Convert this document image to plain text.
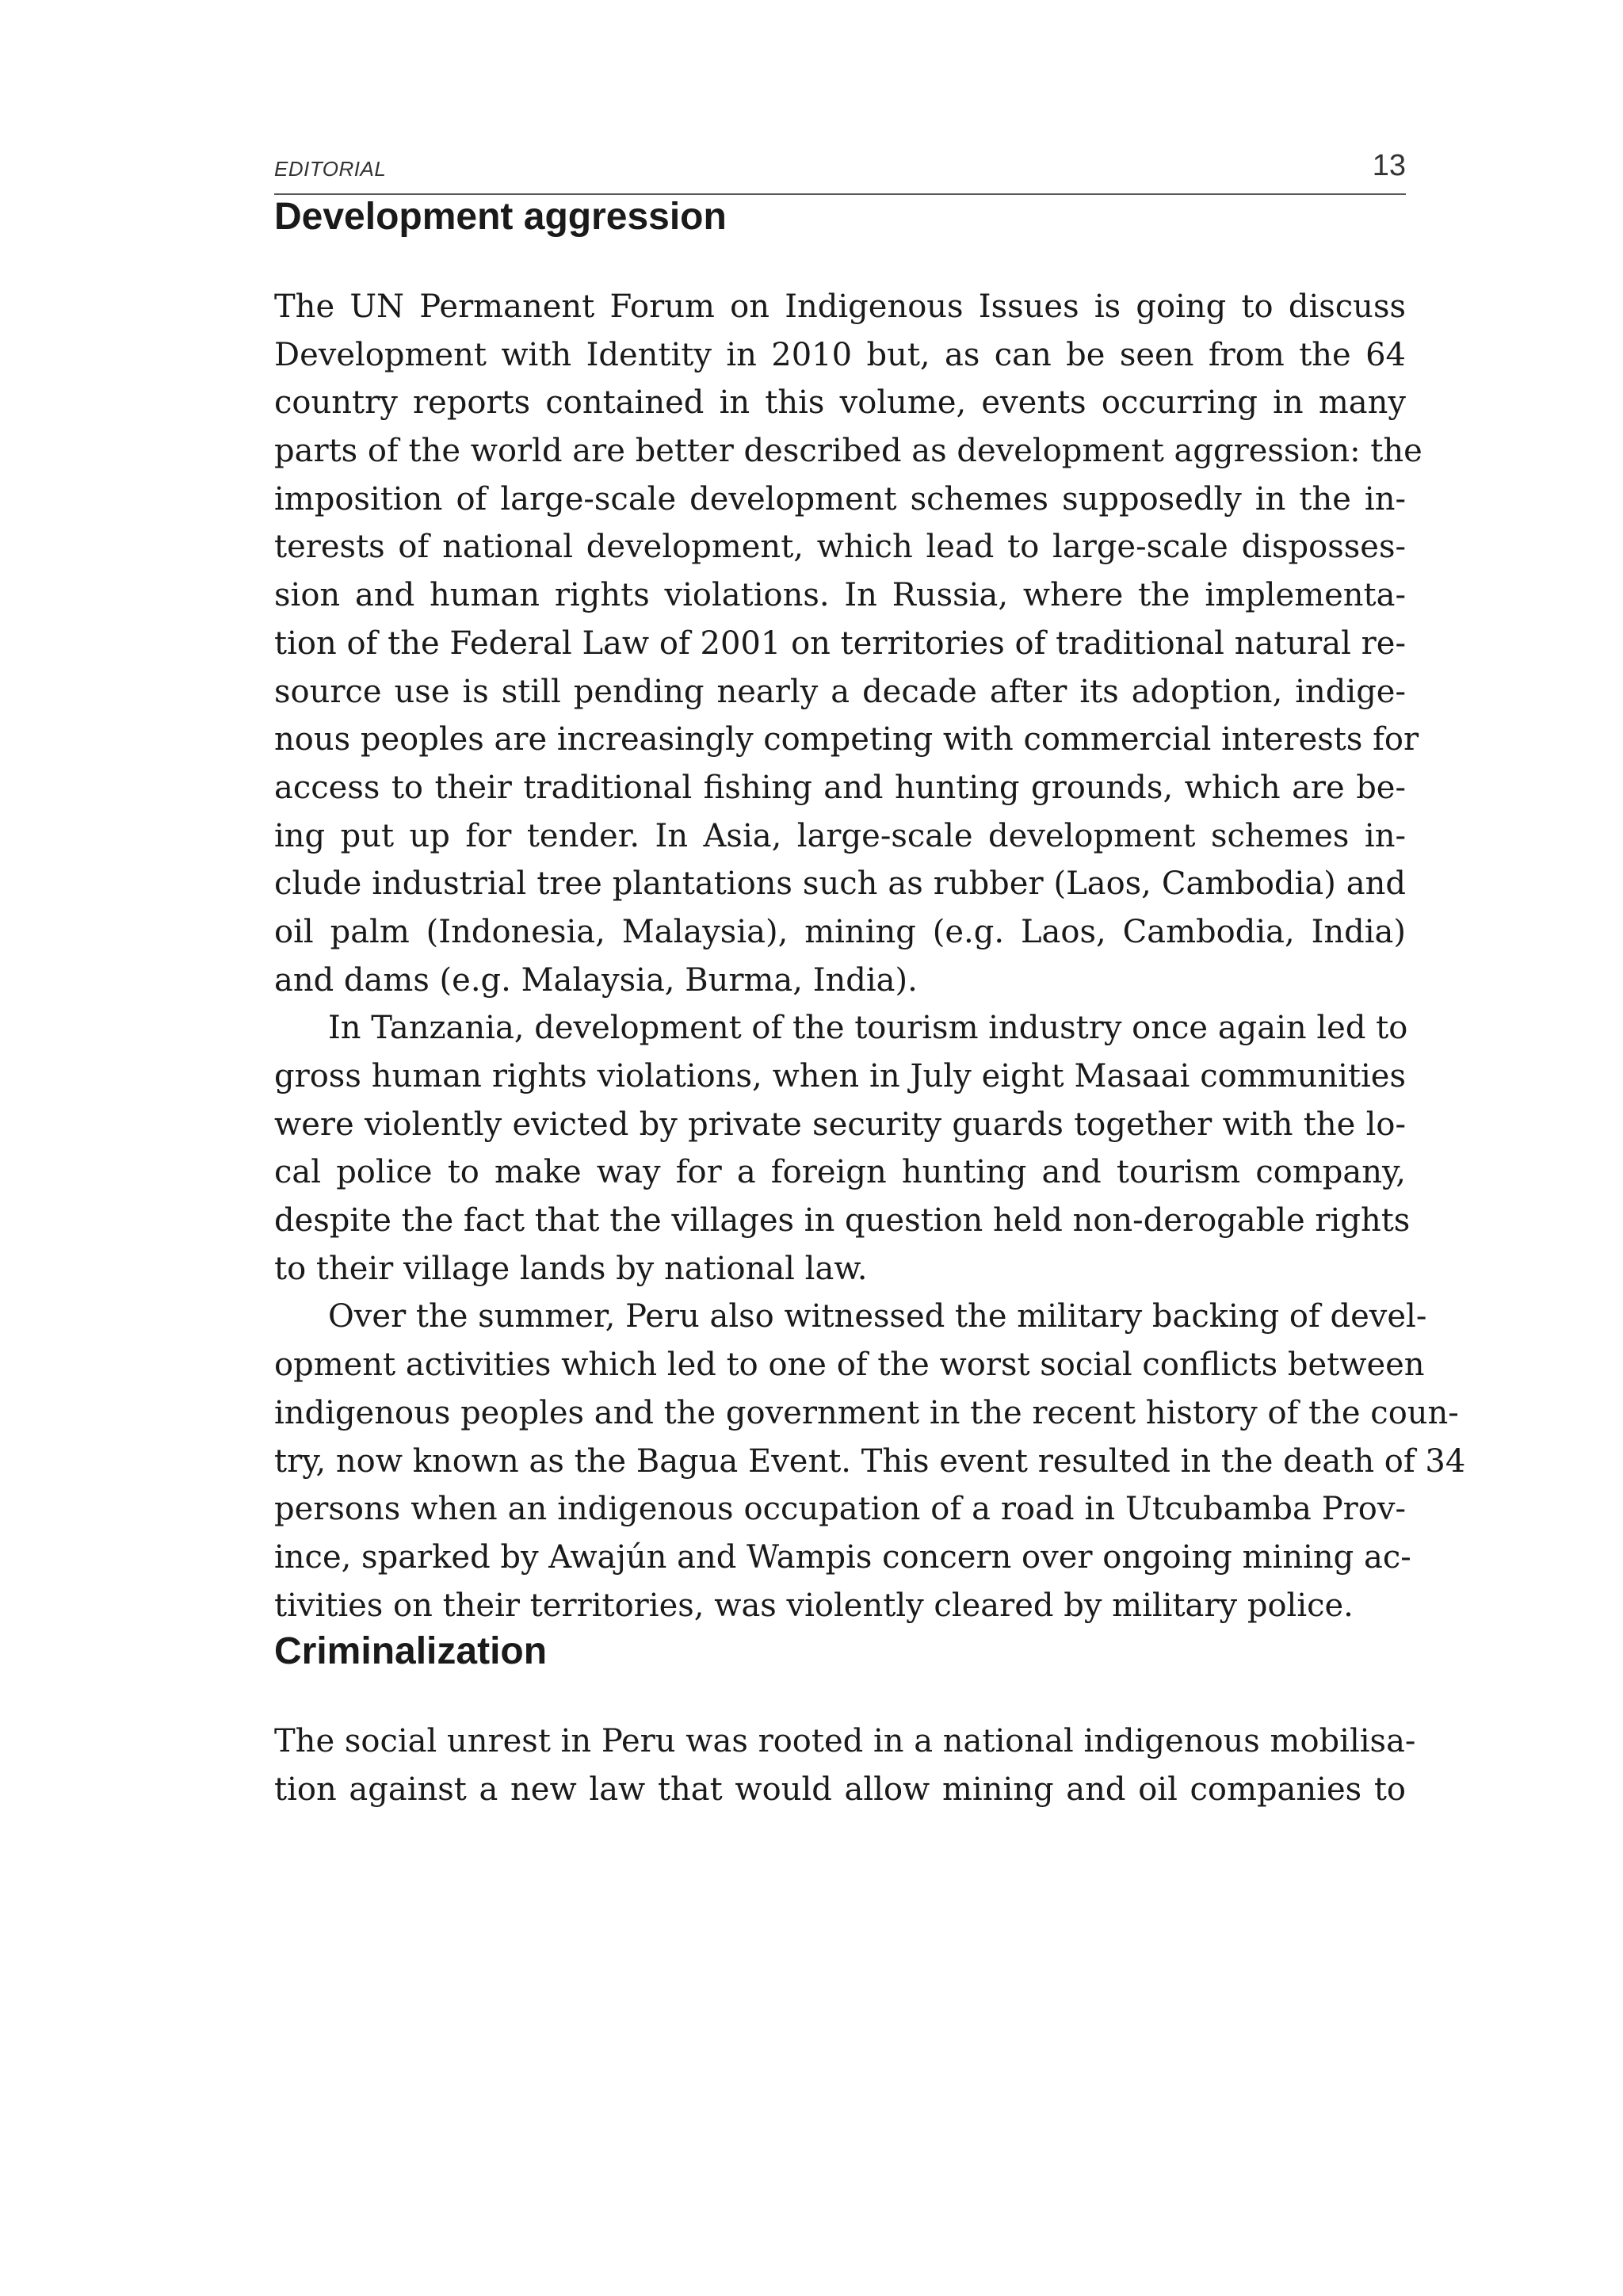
EDITORIAL	13
Development aggression
The UN Permanent Forum on Indigenous Issues is going to discuss
Development with Identity in 2010 but, as can be seen from the 64
country reports contained in this volume, events occurring in many
parts of the world are better described as development aggression: the
imposition of large-scale development schemes supposedly in the in-
terests of national development, which lead to large-scale disposses-
sion and human rights violations. In Russia, where the implementa-
tion of the Federal Law of 2001 on territories of traditional natural re-
source use is still pending nearly a decade after its adoption, indige-
nous peoples are increasingly competing with commercial interests for
access to their traditional fishing and hunting grounds, which are be-
ing put up for tender. In Asia, large-scale development schemes in-
clude industrial tree plantations such as rubber (Laos, Cambodia) and
oil palm (Indonesia, Malaysia), mining (e.g. Laos, Cambodia, India)
and dams (e.g. Malaysia, Burma, India).
In Tanzania, development of the tourism industry once again led to
gross human rights violations, when in July eight Masaai communities
were violently evicted by private security guards together with the lo-
cal police to make way for a foreign hunting and tourism company,
despite the fact that the villages in question held non-derogable rights
to their village lands by national law.
Over the summer, Peru also witnessed the military backing of devel-
opment activities which led to one of the worst social conflicts between
indigenous peoples and the government in the recent history of the coun-
try, now known as the Bagua Event. This event resulted in the death of 34
persons when an indigenous occupation of a road in Utcubamba Prov-
ince, sparked by Awajún and Wampis concern over ongoing mining ac-
tivities on their territories, was violently cleared by military police.
Criminalization
The social unrest in Peru was rooted in a national indigenous mobilisa-
tion against a new law that would allow mining and oil companies to
